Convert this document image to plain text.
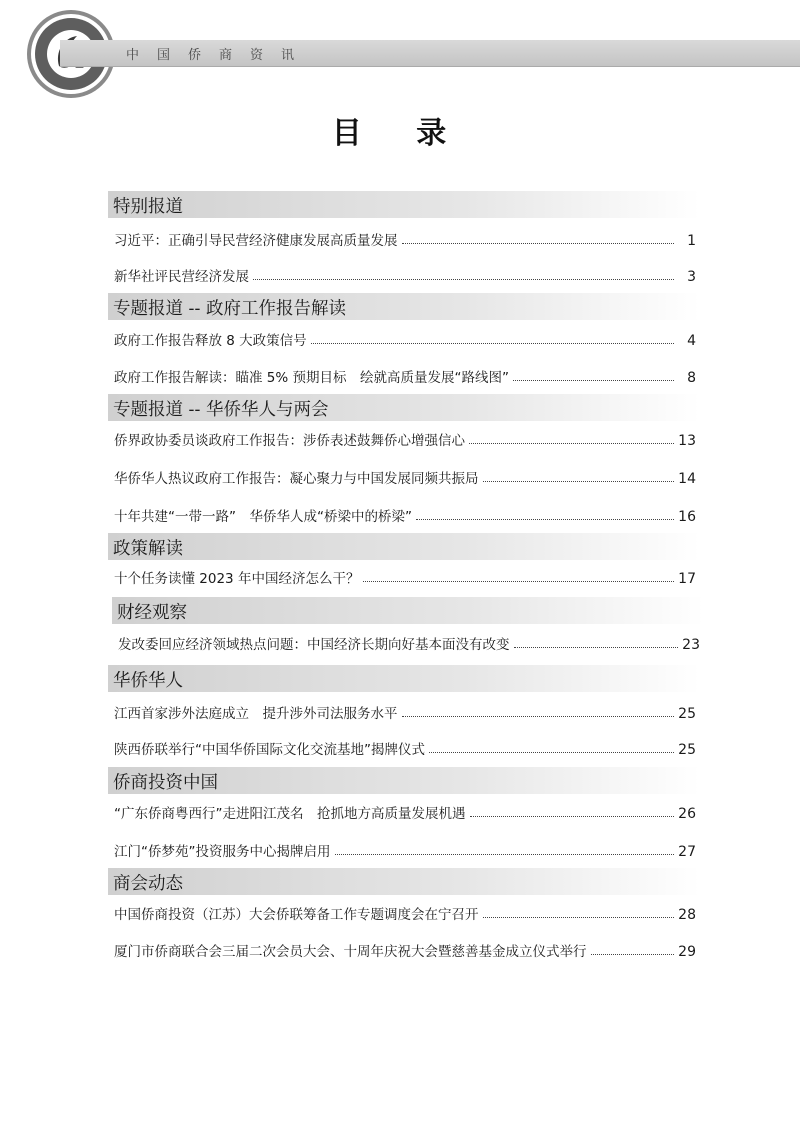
中国侨商资讯
目 录
特别报道
习近平：正确引导民营经济健康发展高质量发展	1
新华社评民营经济发展	3
专题报道 -- 政府工作报告解读
政府工作报告释放 8 大政策信号	4
政府工作报告解读：瞄准 5% 预期目标　绘就高质量发展“路线图”	8
专题报道 -- 华侨华人与两会
侨界政协委员谈政府工作报告：涉侨表述鼓舞侨心增强信心	13
华侨华人热议政府工作报告：凝心聚力与中国发展同频共振局	14
十年共建“一带一路”　华侨华人成“桥梁中的桥梁”	16
政策解读
十个任务读懂 2023 年中国经济怎么干？	17
财经观察
发改委回应经济领域热点问题：中国经济长期向好基本面没有改变	23
华侨华人
江西首家涉外法庭成立　提升涉外司法服务水平	25
陕西侨联举行“中国华侨国际文化交流基地”揭牌仪式	25
侨商投资中国
“广东侨商粤西行”走进阳江茂名　抢抓地方高质量发展机遇	26
江门“侨梦苑”投资服务中心揭牌启用	27
商会动态
中国侨商投资（江苏）大会侨联筹备工作专题调度会在宁召开	28
厦门市侨商联合会三届二次会员大会、十周年庆祝大会暨慈善基金成立仪式举行	29
